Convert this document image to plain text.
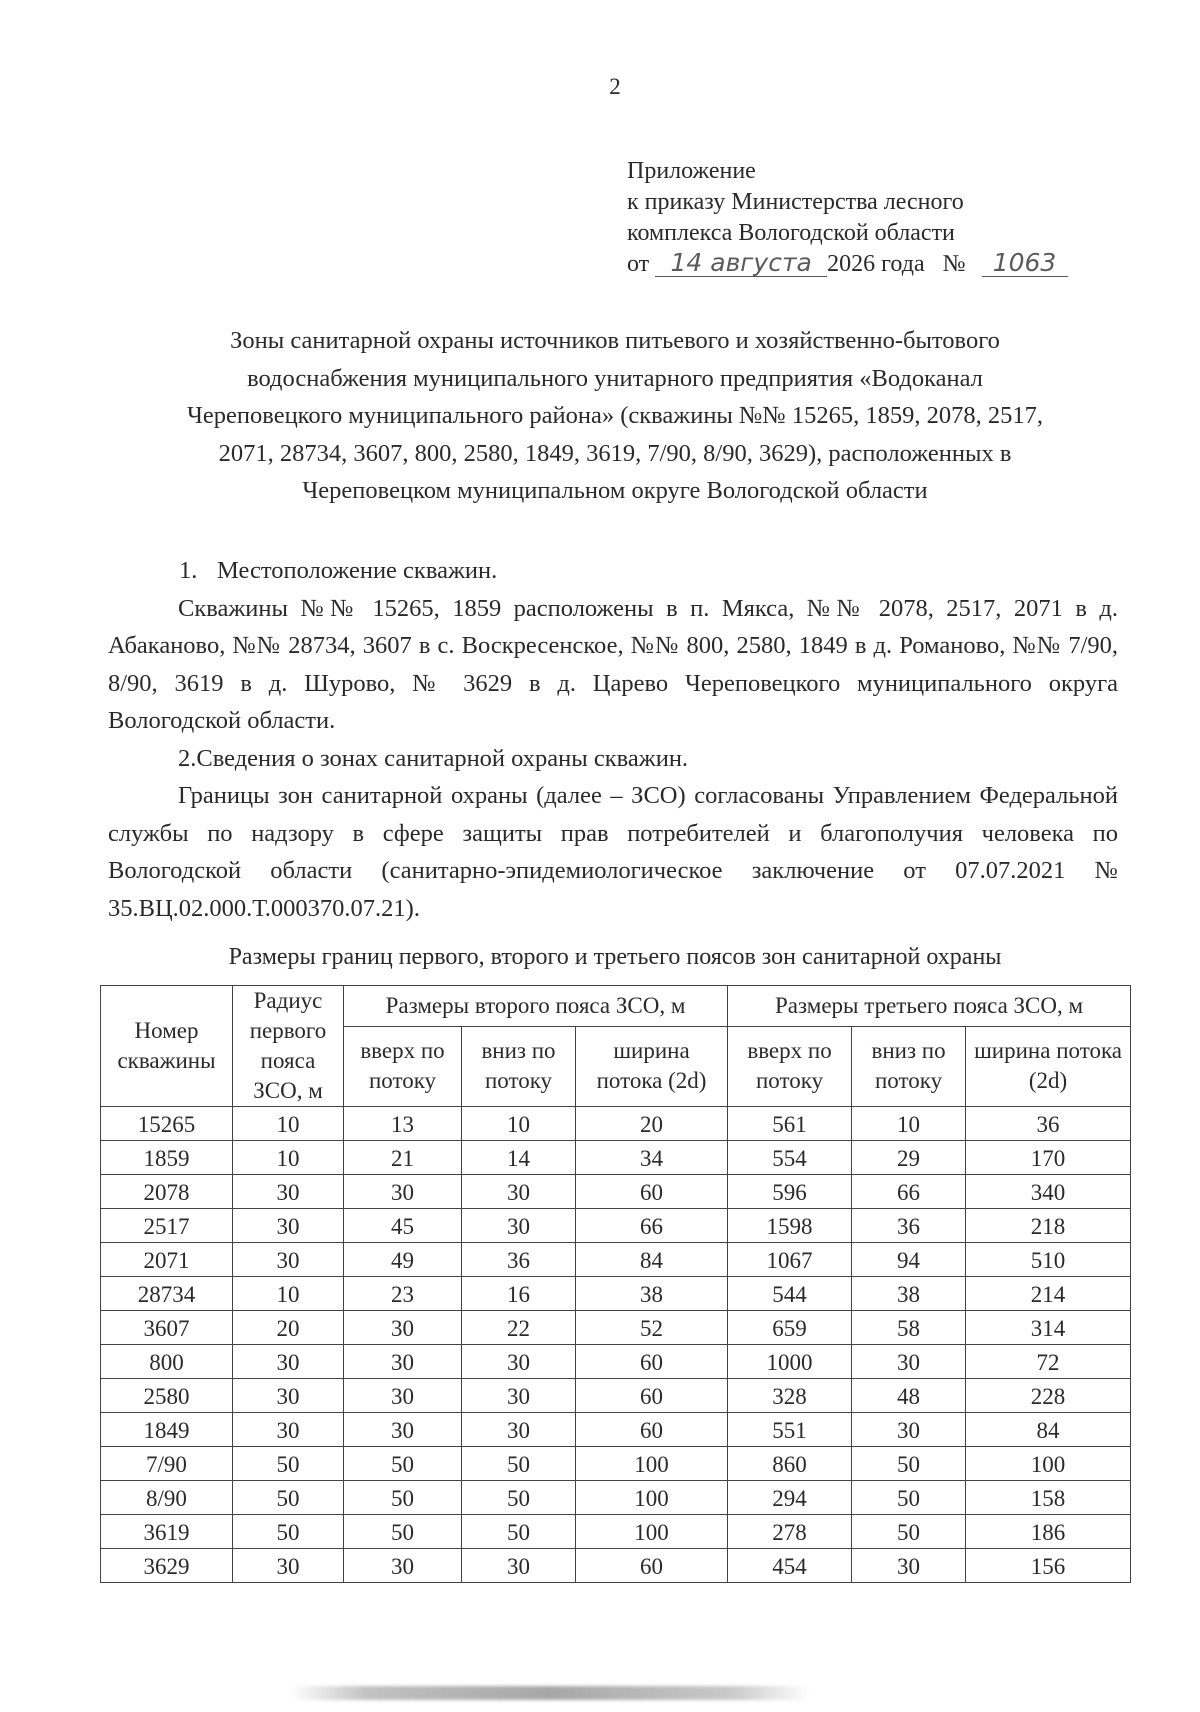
2
Приложение
к приказу Министерства лесного
комплекса Вологодской области
от 14 августа 2026 года № 1063
Зоны санитарной охраны источников питьевого и хозяйственно-бытового
водоснабжения муниципального унитарного предприятия «Водоканал
Череповецкого муниципального района» (скважины №№ 15265, 1859, 2078, 2517,
2071, 28734, 3607, 800, 2580, 1849, 3619, 7/90, 8/90, 3629), расположенных в
Череповецком муниципальном округе Вологодской области

1. Местоположение скважин.

Скважины №№ 15265, 1859 расположены в п. Мякса, №№ 2078, 2517, 2071 в д. Абаканово, №№ 28734, 3607 в с. Воскресенское, №№ 800, 2580, 1849 в д. Романово, №№ 7/90, 8/90, 3619 в д. Шурово, № 3629 в д. Царево Череповецкого муниципального округа Вологодской области.

2.Сведения о зонах санитарной охраны скважин.

Границы зон санитарной охраны (далее – ЗСО) согласованы Управлением Федеральной службы по надзору в сфере защиты прав потребителей и благополучия человека по Вологодской области (санитарно-эпидемиологическое заключение от 07.07.2021 № 35.ВЦ.02.000.Т.000370.07.21).

Размеры границ первого, второго и третьего поясов зон санитарной охраны
Номер скважины	Радиус первого пояса ЗСО, м	Размеры второго пояса ЗСО, м			Размеры третьего пояса ЗСО, м		
		вверх по потоку	вниз по потоку	ширина потока (2d)	вверх по потоку	вниз по потоку	ширина потока (2d)
15265	10	13	10	20	561	10	36
1859	10	21	14	34	554	29	170
2078	30	30	30	60	596	66	340
2517	30	45	30	66	1598	36	218
2071	30	49	36	84	1067	94	510
28734	10	23	16	38	544	38	214
3607	20	30	22	52	659	58	314
800	30	30	30	60	1000	30	72
2580	30	30	30	60	328	48	228
1849	30	30	30	60	551	30	84
7/90	50	50	50	100	860	50	100
8/90	50	50	50	100	294	50	158
3619	50	50	50	100	278	50	186
3629	30	30	30	60	454	30	156
